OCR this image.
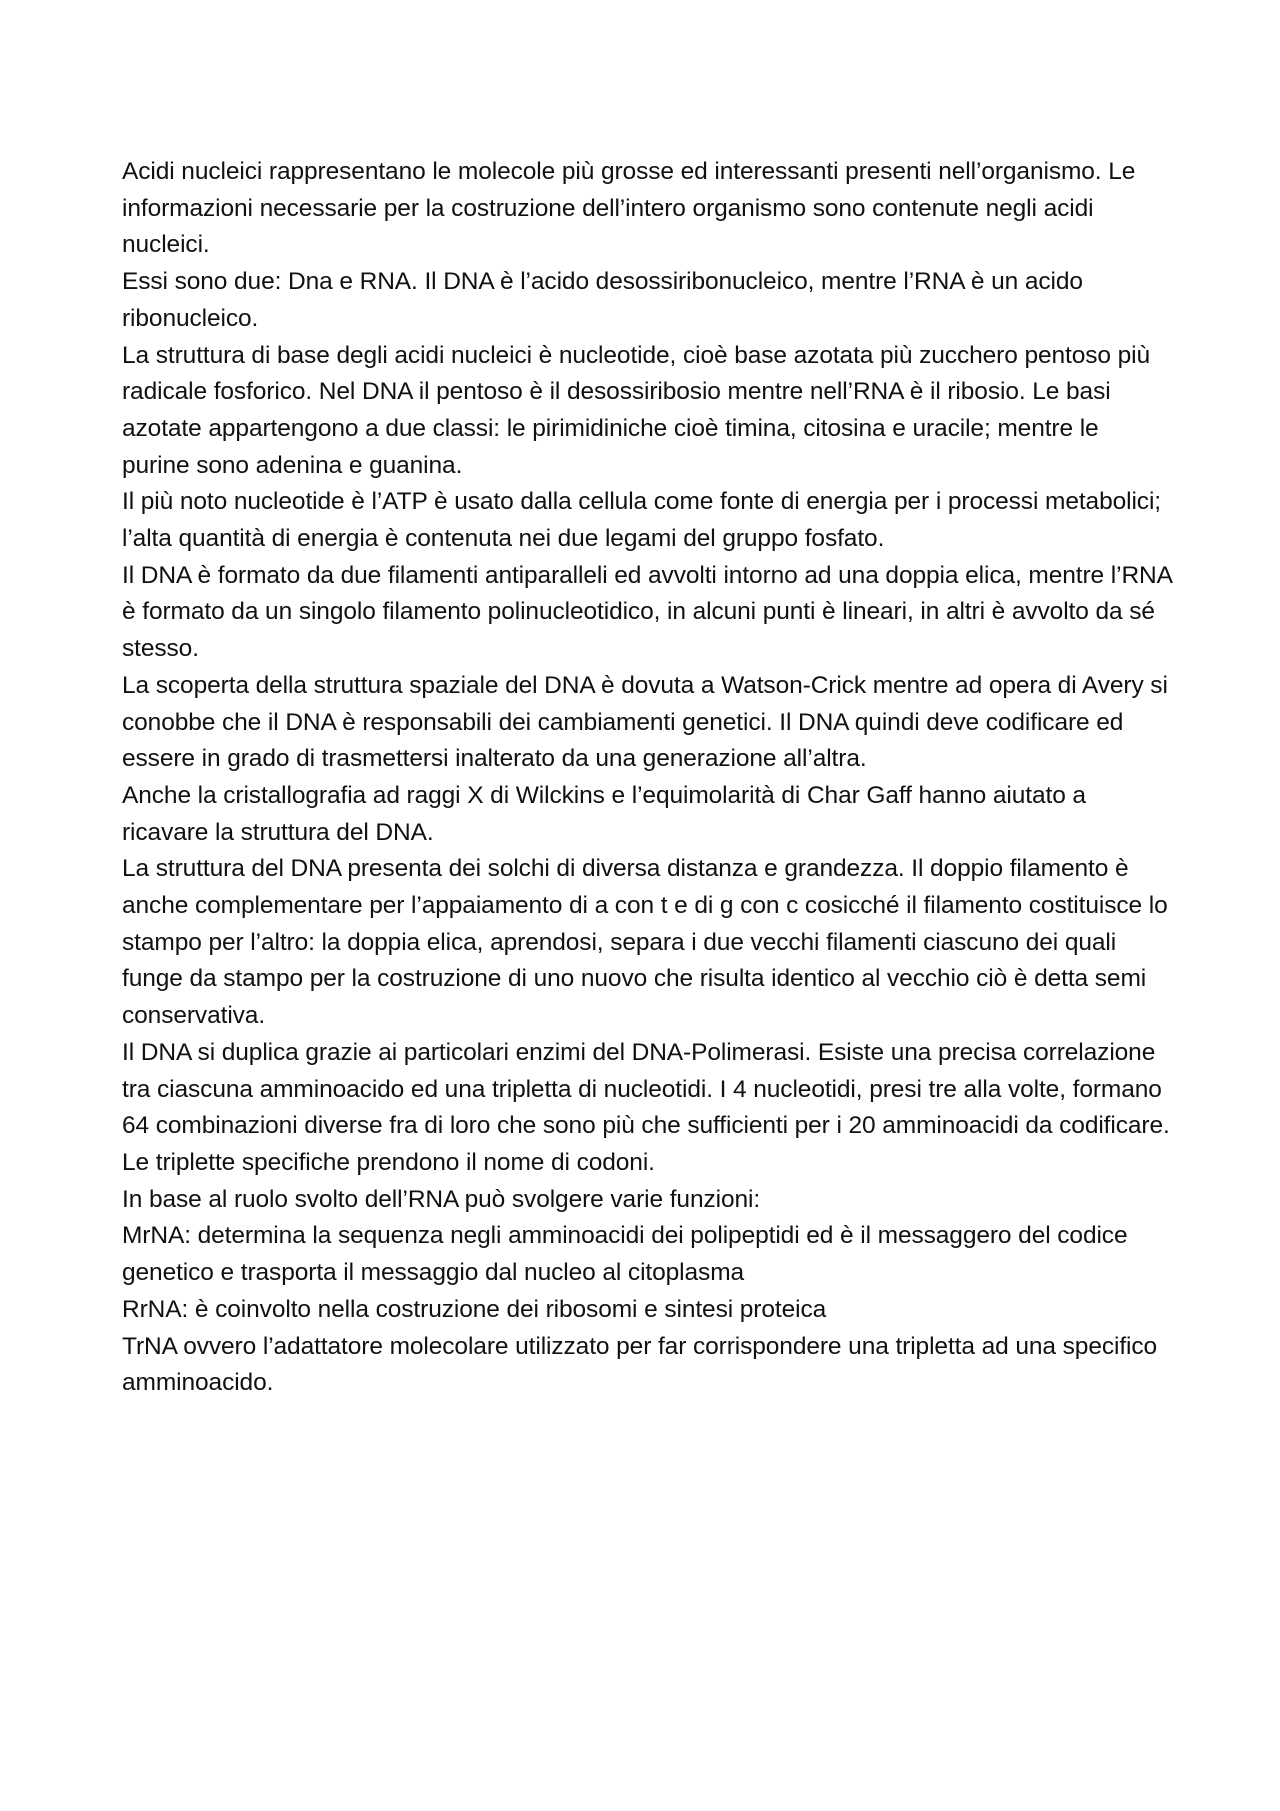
Acidi nucleici rappresentano le molecole più grosse ed interessanti presenti nell’organismo. Le informazioni necessarie per la costruzione dell’intero organismo sono contenute negli acidi nucleici.

Essi sono due: Dna e RNA. Il DNA è l’acido desossiribonucleico, mentre l’RNA è un acido ribonucleico.

La struttura di base degli acidi nucleici è nucleotide, cioè base azotata più zucchero pentoso più radicale fosforico. Nel DNA il pentoso è il desossiribosio mentre nell’RNA è il ribosio. Le basi azotate appartengono a due classi: le pirimidiniche cioè timina, citosina e uracile; mentre le purine sono adenina e guanina.

Il più noto nucleotide è l’ATP è usato dalla cellula come fonte di energia per i processi metabolici; l’alta quantità di energia è contenuta nei due legami del gruppo fosfato.

Il DNA è formato da due filamenti antiparalleli ed avvolti intorno ad una doppia elica, mentre l’RNA è formato da un singolo filamento polinucleotidico, in alcuni punti è lineari, in altri è avvolto da sé stesso.

La scoperta della struttura spaziale del DNA è dovuta a Watson-Crick mentre ad opera di Avery si conobbe che il DNA è responsabili dei cambiamenti genetici. Il DNA quindi deve codificare ed essere in grado di trasmettersi inalterato da una generazione all’altra.

Anche la cristallografia ad raggi X di Wilckins e l’equimolarità di Char Gaff hanno aiutato a ricavare la struttura del DNA.

La struttura del DNA presenta dei solchi di diversa distanza e grandezza. Il doppio filamento è anche complementare per l’appaiamento di a con t e di g con c cosicché il filamento costituisce lo stampo per l’altro: la doppia elica, aprendosi, separa i due vecchi filamenti ciascuno dei quali funge da stampo per la costruzione di uno nuovo che risulta identico al vecchio ciò è detta semi conservativa.

Il DNA si duplica grazie ai particolari enzimi del DNA-Polimerasi. Esiste una precisa correlazione tra ciascuna amminoacido ed una tripletta di nucleotidi. I 4 nucleotidi, presi tre alla volte, formano 64 combinazioni diverse fra di loro che sono più che sufficienti per i 20 amminoacidi da codificare. Le triplette specifiche prendono il nome di codoni.

In base al ruolo svolto dell’RNA può svolgere varie funzioni:

MrNA: determina la sequenza negli amminoacidi dei polipeptidi ed è il messaggero del codice genetico e trasporta il messaggio dal nucleo al citoplasma

RrNA: è coinvolto nella costruzione dei ribosomi e sintesi proteica

TrNA ovvero l’adattatore molecolare utilizzato per far corrispondere una tripletta ad una specifico amminoacido.
